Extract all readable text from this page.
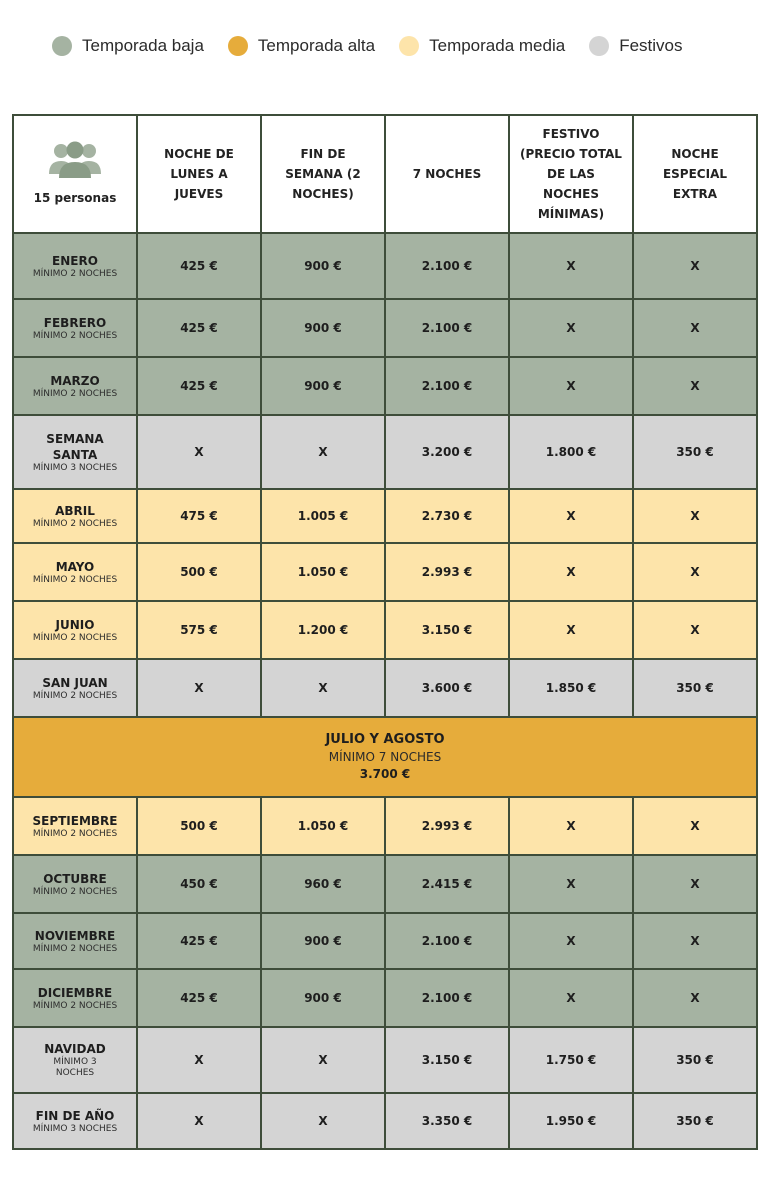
Temporada baja	Temporada alta	Temporada media	Festivos
15 personas	NOCHE DE LUNES A JUEVES	FIN DE SEMANA (2 NOCHES)	7 NOCHES	FESTIVO (PRECIO TOTAL DE LAS NOCHES MÍNIMAS)	NOCHE ESPECIAL EXTRA

ENERO
MÍNIMO 2 NOCHES	425 €	900 €	2.100 €	X	X

FEBRERO
MÍNIMO 2 NOCHES	425 €	900 €	2.100 €	X	X

MARZO
MÍNIMO 2 NOCHES	425 €	900 €	2.100 €	X	X

SEMANA SANTA
MÍNIMO 3 NOCHES	X	X	3.200 €	1.800 €	350 €

ABRIL
MÍNIMO 2 NOCHES	475 €	1.005 €	2.730 €	X	X

MAYO
MÍNIMO 2 NOCHES	500 €	1.050 €	2.993 €	X	X

JUNIO
MÍNIMO 2 NOCHES	575 €	1.200 €	3.150 €	X	X

SAN JUAN
MÍNIMO 2 NOCHES	X	X	3.600 €	1.850 €	350 €

JULIO Y AGOSTO
MÍNIMO 7 NOCHES
3.700 €					

SEPTIEMBRE
MÍNIMO 2 NOCHES	500 €	1.050 €	2.993 €	X	X

OCTUBRE
MÍNIMO 2 NOCHES	450 €	960 €	2.415 €	X	X

NOVIEMBRE
MÍNIMO 2 NOCHES	425 €	900 €	2.100 €	X	X

DICIEMBRE
MÍNIMO 2 NOCHES	425 €	900 €	2.100 €	X	X

NAVIDAD
MÍNIMO 3 NOCHES	X	X	3.150 €	1.750 €	350 €

FIN DE AÑO
MÍNIMO 3 NOCHES	X	X	3.350 €	1.950 €	350 €
